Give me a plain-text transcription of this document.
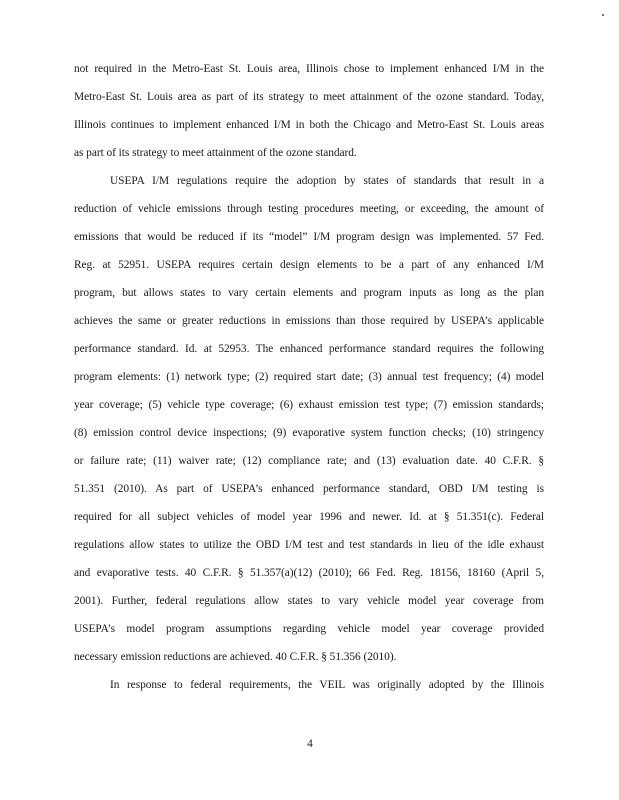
not required in the Metro-East St. Louis area, Illinois chose to implement enhanced I/M in the
Metro-East St. Louis area as part of its strategy to meet attainment of the ozone standard. Today,
Illinois continues to implement enhanced I/M in both the Chicago and Metro-East St. Louis areas
as part of its strategy to meet attainment of the ozone standard.
USEPA I/M regulations require the adoption by states of standards that result in a
reduction of vehicle emissions through testing procedures meeting, or exceeding, the amount of
emissions that would be reduced if its “model” I/M program design was implemented. 57 Fed.
Reg. at 52951. USEPA requires certain design elements to be a part of any enhanced I/M
program, but allows states to vary certain elements and program inputs as long as the plan
achieves the same or greater reductions in emissions than those required by USEPA’s applicable
performance standard. Id. at 52953. The enhanced performance standard requires the following
program elements: (1) network type; (2) required start date; (3) annual test frequency; (4) model
year coverage; (5) vehicle type coverage; (6) exhaust emission test type; (7) emission standards;
(8) emission control device inspections; (9) evaporative system function checks; (10) stringency
or failure rate; (11) waiver rate; (12) compliance rate; and (13) evaluation date. 40 C.F.R. §
51.351 (2010). As part of USEPA’s enhanced performance standard, OBD I/M testing is
required for all subject vehicles of model year 1996 and newer. Id. at § 51.351(c). Federal
regulations allow states to utilize the OBD I/M test and test standards in lieu of the idle exhaust
and evaporative tests. 40 C.F.R. § 51.357(a)(12) (2010); 66 Fed. Reg. 18156, 18160 (April 5,
2001). Further, federal regulations allow states to vary vehicle model year coverage from
USEPA’s model program assumptions regarding vehicle model year coverage provided
necessary emission reductions are achieved. 40 C.F.R. § 51.356 (2010).
In response to federal requirements, the VEIL was originally adopted by the Illinois
4
